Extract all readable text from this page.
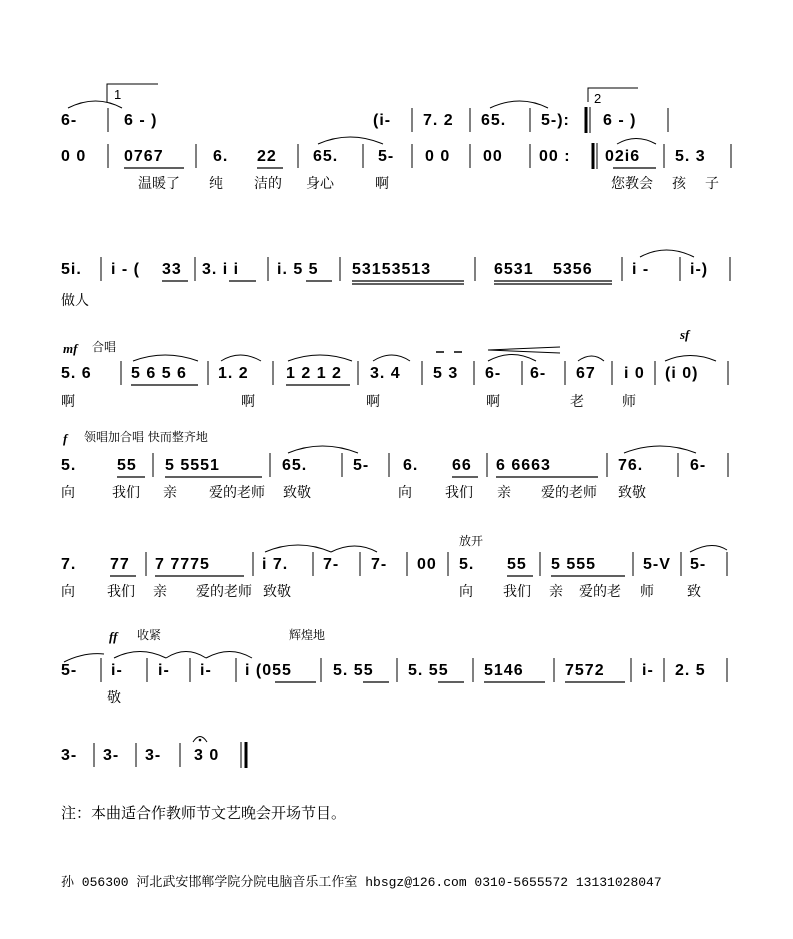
6-	6 - )	(i- 7. 2 65. 5-): 6 - )
0 0 0767	6. 22 65. 5- 0 0 00 00 : 02i6 5. 3
温暖了 纯 洁的 身心	啊	您教会 孩 子
5i. i - ( 33 3. i i i. 5 5 53153513	6531 5356 i -	i-)
做人
5. 6 5 6 5 6 1. 2 1 2 1 2 3. 4 5 3 6- 6- 67 i 0 (i 0)
啊	啊	啊	啊	老	师
5.	55 5 5551	65.	5- 6. 66 6 6663	76.	6-
向	我们 亲 爱的老师 致敬	向 我们 亲 爱的老师 致敬
7. 77 7 7775	i 7. 7- 7- 00 5. 55 5 555	5-V 5-
向 我们 亲 爱的老师 致敬	向 我们 亲 爱的老 师 致
5- i- i- i- i (055	5. 55 5. 55 5146	7572 i- 2. 5
敬
3- 3- 3- 3 0
mf 合唱
sf
f 领唱加合唱 快而整齐地
放开
ff 收紧	辉煌地
1	2
注：本曲适合作教师节文艺晚会开场节目。
孙 056300 河北武安邯郸学院分院电脑音乐工作室 hbsgz@126.com 0310-5655572 13131028047
